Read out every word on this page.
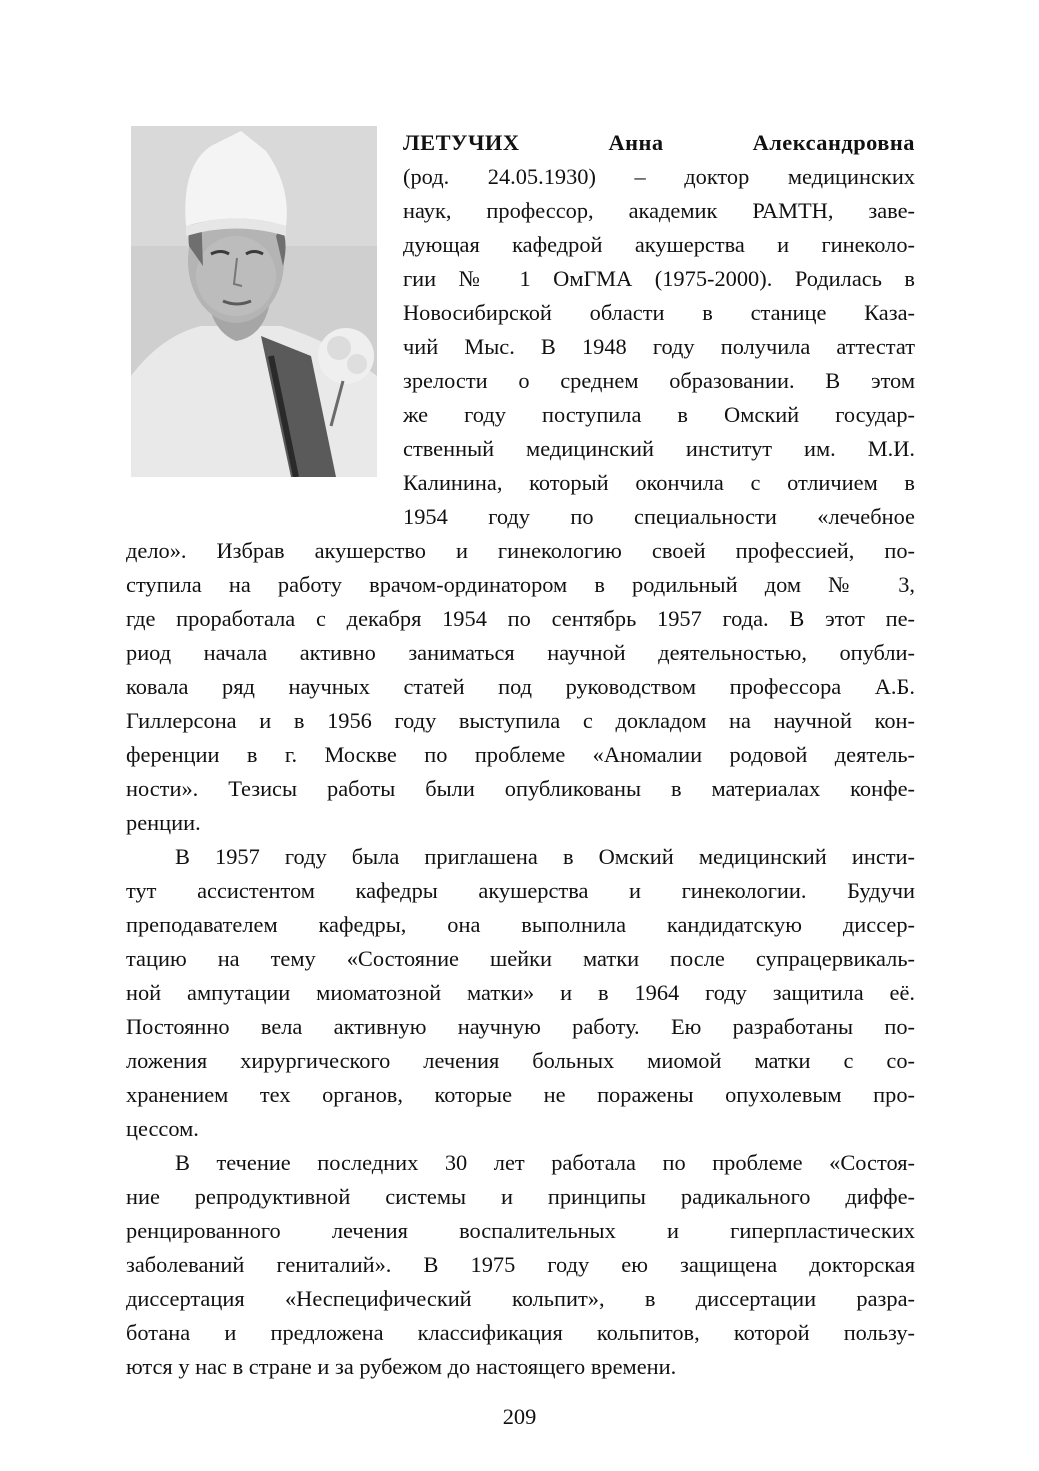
ЛЕТУЧИХ	Анна	Александровна

(род. 24.05.1930) – доктор медицинских

наук, профессор, академик РАМТН, заве-

дующая кафедрой акушерства и гинеколо-

гии № 1 ОмГМА (1975-2000). Родилась в

Новосибирской области в станице Каза-

чий Мыс. В 1948 году получила аттестат

зрелости о среднем образовании. В этом

же году поступила в Омский государ-

ственный медицинский институт им. М.И.

Калинина, который окончила с отличием в

1954 году по специальности «лечебное

дело». Избрав акушерство и гинекологию своей профессией, по-

ступила на работу врачом-ординатором в родильный дом № 3,

где проработала с декабря 1954 по сентябрь 1957 года. В этот пе-

риод начала активно заниматься научной деятельностью, опубли-

ковала ряд научных статей под руководством профессора А.Б.

Гиллерсона и в 1956 году выступила с докладом на научной кон-

ференции в г. Москве по проблеме «Аномалии родовой деятель-

ности». Тезисы работы были опубликованы в материалах конфе-

ренции.

В 1957 году была приглашена в Омский медицинский инсти-

тут ассистентом кафедры акушерства и гинекологии. Будучи

преподавателем кафедры, она выполнила кандидатскую диссер-

тацию на тему «Состояние шейки матки после супрацервикаль-

ной ампутации миоматозной матки» и в 1964 году защитила её.

Постоянно вела активную научную работу. Ею разработаны по-

ложения хирургического лечения больных миомой матки с со-

хранением тех органов, которые не поражены опухолевым про-

цессом.

В течение последних 30 лет работала по проблеме «Состоя-

ние репродуктивной системы и принципы радикального диффе-

ренцированного лечения воспалительных и гиперпластических

заболеваний гениталий». В 1975 году ею защищена докторская

диссертация «Неспецифический кольпит», в диссертации разра-

ботана и предложена классификация кольпитов, которой пользу-

ются у нас в стране и за рубежом до настоящего времени.

209
